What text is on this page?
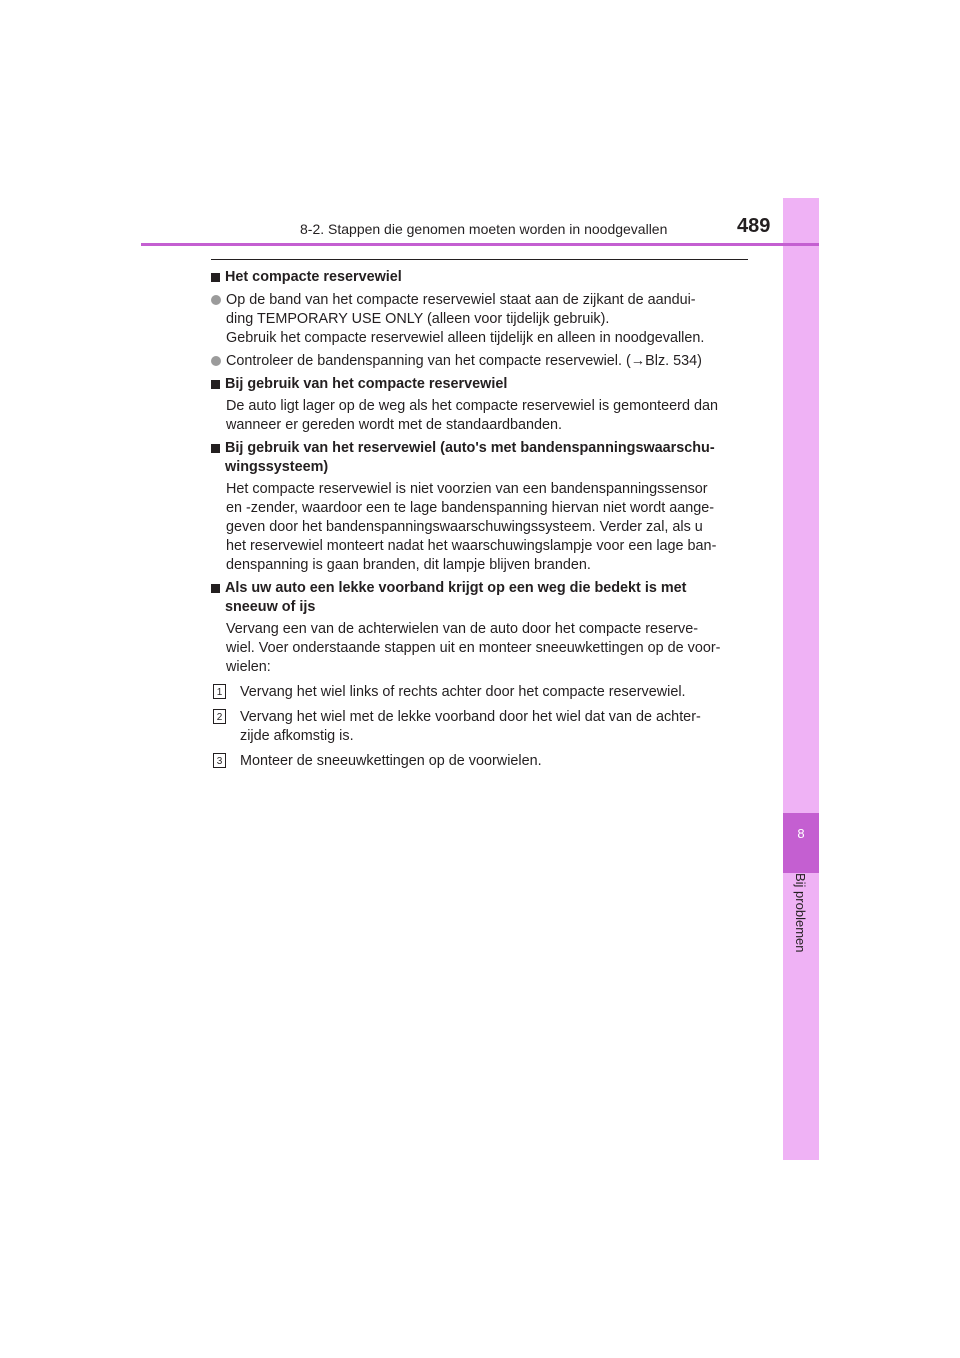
8
Bij problemen
8-2. Stappen die genomen moeten worden in noodgevallen	489
Het compacte reservewiel
Op de band van het compacte reservewiel staat aan de zijkant de aandui-
ding TEMPORARY USE ONLY (alleen voor tijdelijk gebruik).
Gebruik het compacte reservewiel alleen tijdelijk en alleen in noodgevallen.
Controleer de bandenspanning van het compacte reservewiel. (→Blz. 534)
Bij gebruik van het compacte reservewiel
De auto ligt lager op de weg als het compacte reservewiel is gemonteerd dan
wanneer er gereden wordt met de standaardbanden.
Bij gebruik van het reservewiel (auto's met bandenspanningswaarschu-
wingssysteem)
Het compacte reservewiel is niet voorzien van een bandenspanningssensor
en -zender, waardoor een te lage bandenspanning hiervan niet wordt aange-
geven door het bandenspanningswaarschuwingssysteem. Verder zal, als u
het reservewiel monteert nadat het waarschuwingslampje voor een lage ban-
denspanning is gaan branden, dit lampje blijven branden.
Als uw auto een lekke voorband krijgt op een weg die bedekt is met
sneeuw of ijs
Vervang een van de achterwielen van de auto door het compacte reserve-
wiel. Voer onderstaande stappen uit en monteer sneeuwkettingen op de voor-
wielen:
1 Vervang het wiel links of rechts achter door het compacte reservewiel.
2 Vervang het wiel met de lekke voorband door het wiel dat van de achter-
zijde afkomstig is.
3 Monteer de sneeuwkettingen op de voorwielen.
